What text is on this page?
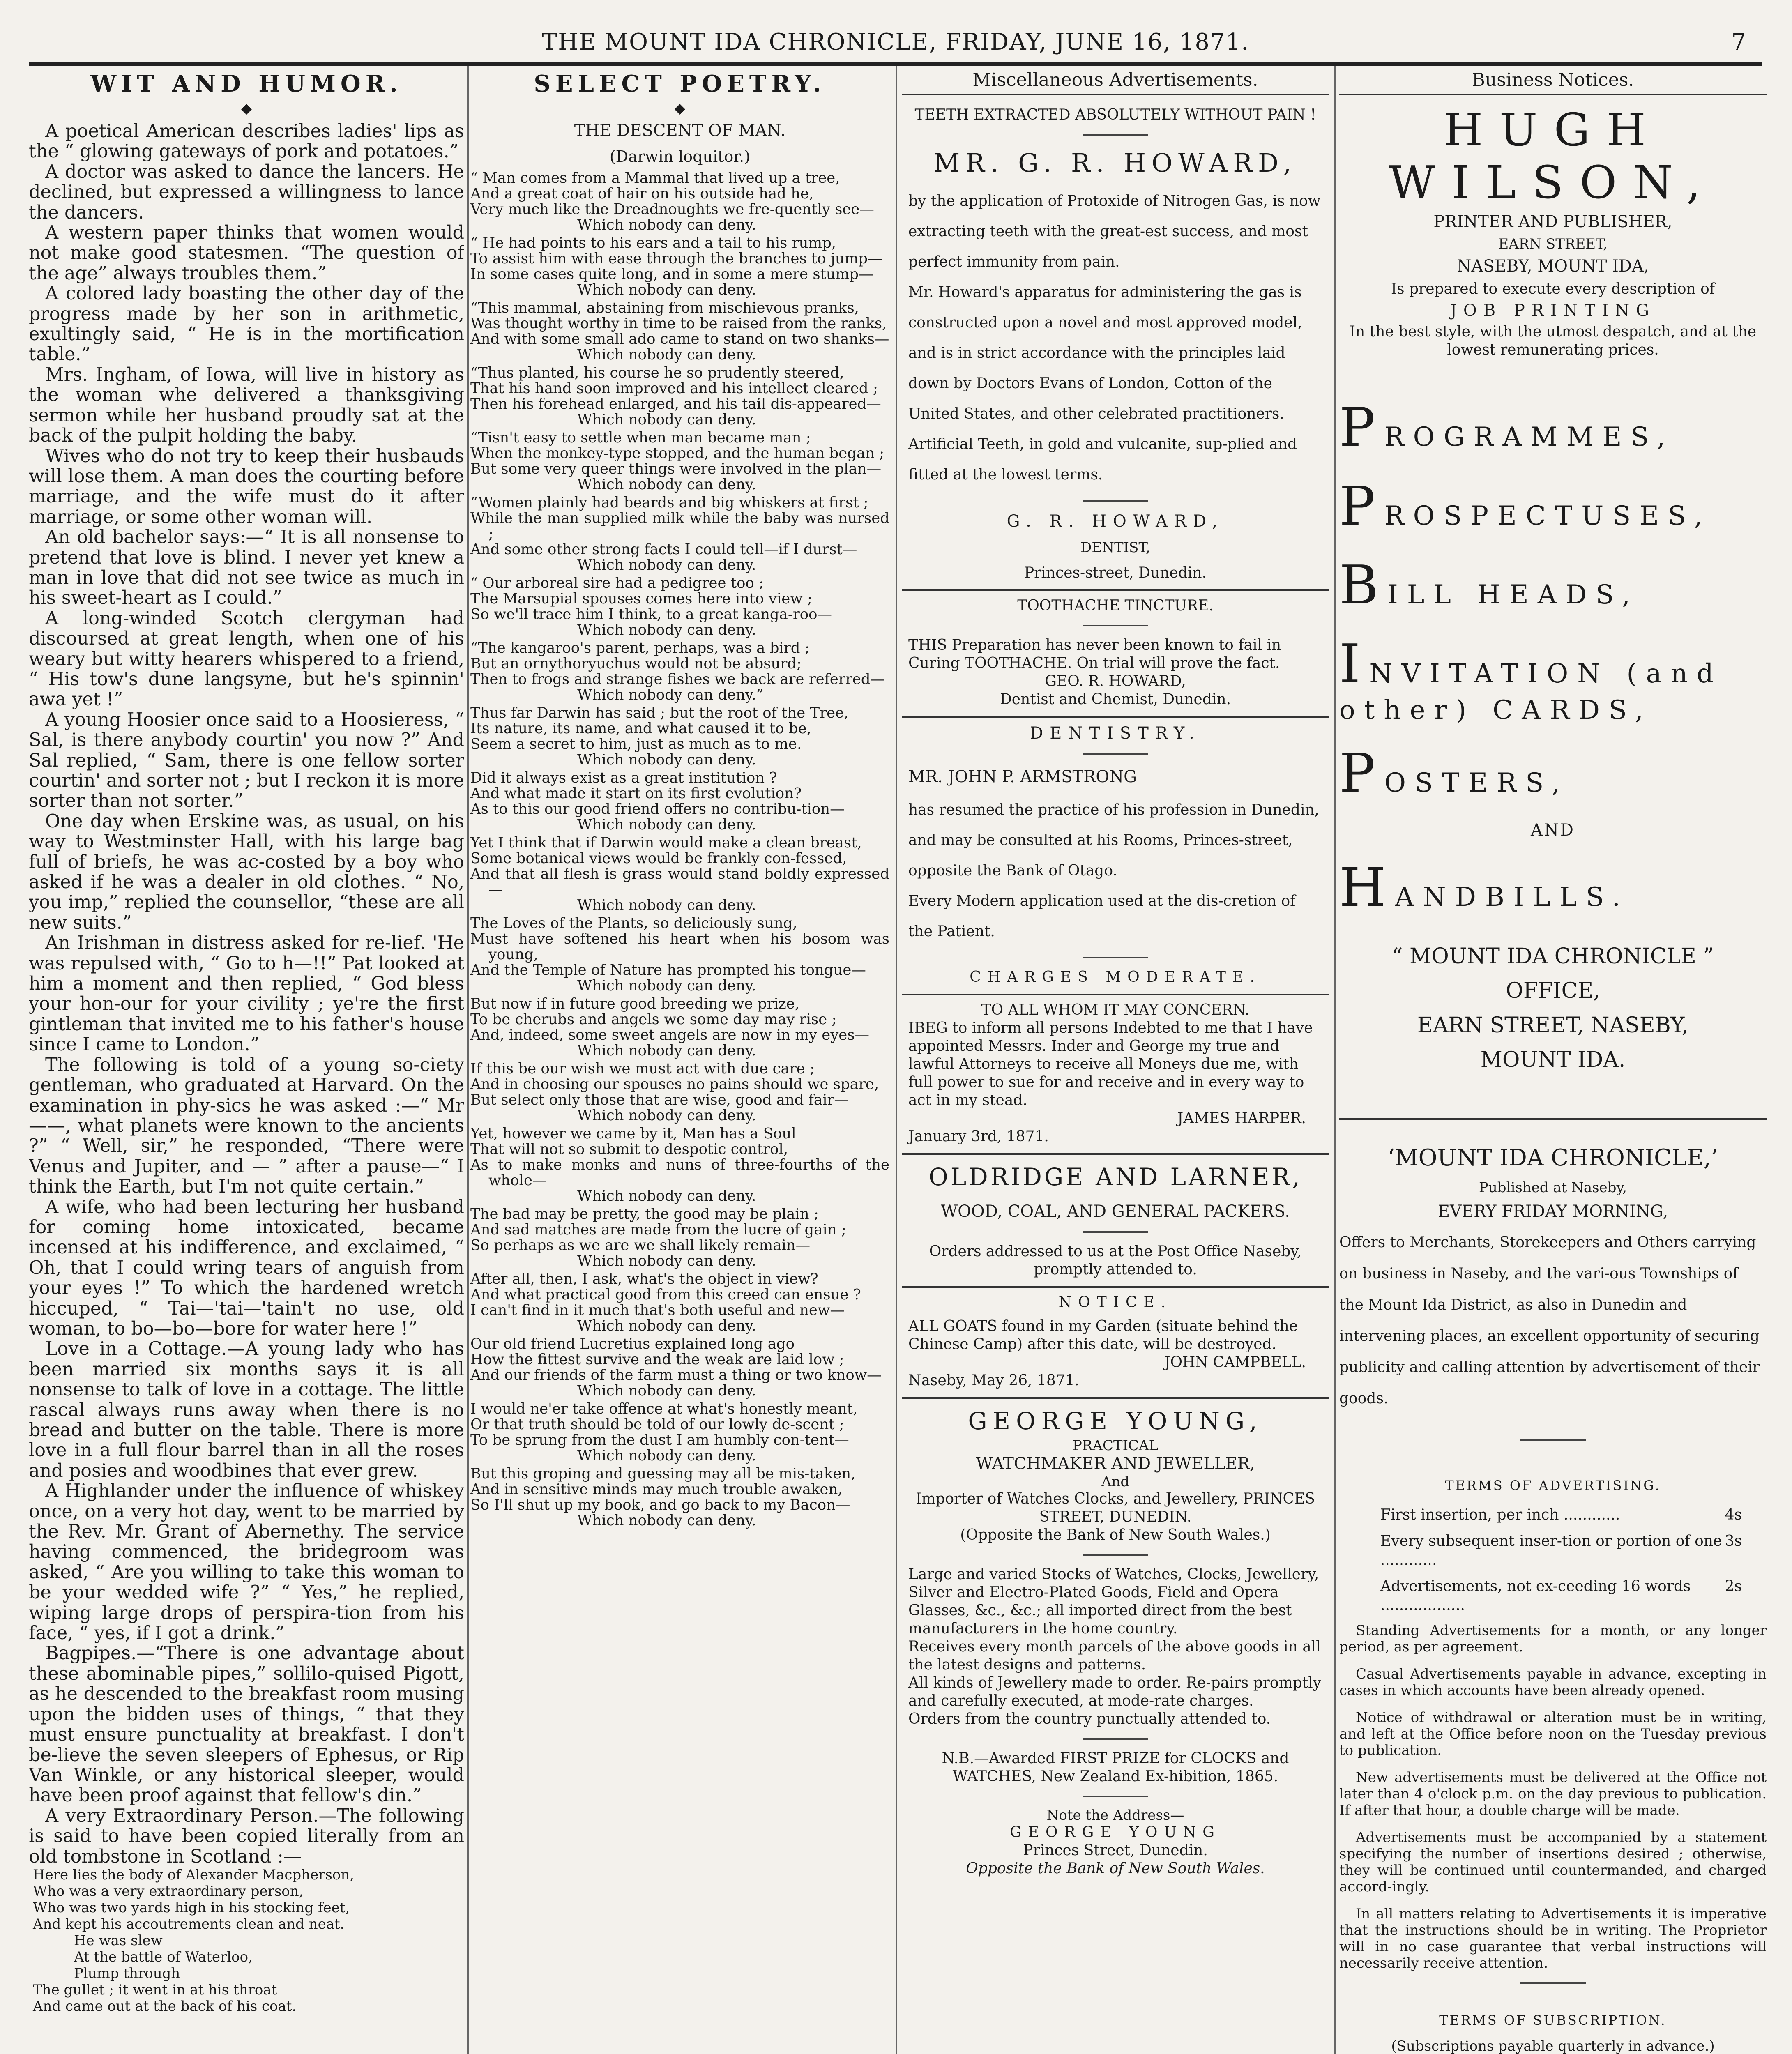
THE MOUNT IDA CHRONICLE, FRIDAY, JUNE 16, 1871.	7
WIT AND HUMOR.
◆

A poetical American describes ladies' lips as the “ glowing gateways of pork and potatoes.”

A doctor was asked to dance the lancers. He declined, but expressed a willingness to lance the dancers.

A western paper thinks that women would not make good statesmen. “The question of the age” always troubles them.”

A colored lady boasting the other day of the progress made by her son in arithmetic, exultingly said, “ He is in the mortification table.”

Mrs. Ingham, of Iowa, will live in history as the woman whe delivered a thanksgiving sermon while her husband proudly sat at the back of the pulpit holding the baby.

Wives who do not try to keep their husbauds will lose them. A man does the courting before marriage, and the wife must do it after marriage, or some other woman will.

An old bachelor says:—“ It is all nonsense to pretend that love is blind. I never yet knew a man in love that did not see twice as much in his sweet-heart as I could.”

A long-winded Scotch clergyman had discoursed at great length, when one of his weary but witty hearers whispered to a friend, “ His tow's dune langsyne, but he's spinnin' awa yet !”

A young Hoosier once said to a Hoosieress, “ Sal, is there anybody courtin' you now ?” And Sal replied, “ Sam, there is one fellow sorter courtin' and sorter not ; but I reckon it is more sorter than not sorter.”

One day when Erskine was, as usual, on his way to Westminster Hall, with his large bag full of briefs, he was ac-costed by a boy who asked if he was a dealer in old clothes. “ No, you imp,” replied the counsellor, “these are all new suits.”

An Irishman in distress asked for re-lief. 'He was repulsed with, “ Go to h—!!” Pat looked at him a moment and then replied, “ God bless your hon-our for your civility ; ye're the first gintleman that invited me to his father's house since I came to London.”

The following is told of a young so-ciety gentleman, who graduated at Harvard. On the examination in phy-sics he was asked :—“ Mr——, what planets were known to the ancients ?” “ Well, sir,” he responded, “There were Venus and Jupiter, and — ” after a pause—“ I think the Earth, but I'm not quite certain.”

A wife, who had been lecturing her husband for coming home intoxicated, became incensed at his indifference, and exclaimed, “ Oh, that I could wring tears of anguish from your eyes !” To which the hardened wretch hiccuped, “ Tai—'tai—'tain't no use, old woman, to bo—bo—bore for water here !”

Love in a Cottage.—A young lady who has been married six months says it is all nonsense to talk of love in a cottage. The little rascal always runs away when there is no bread and butter on the table. There is more love in a full flour barrel than in all the roses and posies and woodbines that ever grew.

A Highlander under the influence of whiskey once, on a very hot day, went to be married by the Rev. Mr. Grant of Abernethy. The service having commenced, the bridegroom was asked, “ Are you willing to take this woman to be your wedded wife ?” “ Yes,” he replied, wiping large drops of perspira-tion from his face, “ yes, if I got a drink.”

Bagpipes.—“There is one advantage about these abominable pipes,” sollilo-quised Pigott, as he descended to the breakfast room musing upon the bidden uses of things, “ that they must ensure punctuality at breakfast. I don't be-lieve the seven sleepers of Ephesus, or Rip Van Winkle, or any historical sleeper, would have been proof against that fellow's din.”

A very Extraordinary Person.—The following is said to have been copied literally from an old tombstone in Scotland :—

Here lies the body of Alexander Macpherson,

Who was a very extraordinary person,

Who was two yards high in his stocking feet,

And kept his accoutrements clean and neat.

He was slew

At the battle of Waterloo,

Plump through

The gullet ; it went in at his throat

And came out at the back of his coat.

SELECT POETRY.
◆
THE DESCENT OF MAN.
(Darwin loquitor.)

“ Man comes from a Mammal that lived up a tree,

And a great coat of hair on his outside had he,

Very much like the Dreadnoughts we fre-quently see—

Which nobody can deny.

“ He had points to his ears and a tail to his rump,

To assist him with ease through the branches to jump—

In some cases quite long, and in some a mere stump—

Which nobody can deny.

“This mammal, abstaining from mischievous pranks,

Was thought worthy in time to be raised from the ranks,

And with some small ado came to stand on two shanks—

Which nobody can deny.

“Thus planted, his course he so prudently steered,

That his hand soon improved and his intellect cleared ;

Then his forehead enlarged, and his tail dis-appeared—

Which nobody can deny.

“Tisn't easy to settle when man became man ;

When the monkey-type stopped, and the human began ;

But some very queer things were involved in the plan—

Which nobody can deny.

“Women plainly had beards and big whiskers at first ;

While the man supplied milk while the baby was nursed ;

And some other strong facts I could tell—if I durst—

Which nobody can deny.

“ Our arboreal sire had a pedigree too ;

The Marsupial spouses comes here into view ;

So we'll trace him I think, to a great kanga-roo—

Which nobody can deny.

“The kangaroo's parent, perhaps, was a bird ;

But an ornythoryuchus would not be absurd;

Then to frogs and strange fishes we back are referred—

Which nobody can deny.”

Thus far Darwin has said ; but the root of the Tree,

Its nature, its name, and what caused it to be,

Seem a secret to him, just as much as to me.

Which nobody can deny.

Did it always exist as a great institution ?

And what made it start on its first evolution?

As to this our good friend offers no contribu-tion—

Which nobody can deny.

Yet I think that if Darwin would make a clean breast,

Some botanical views would be frankly con-fessed,

And that all flesh is grass would stand boldly expressed—

Which nobody can deny.

The Loves of the Plants, so deliciously sung,

Must have softened his heart when his bosom was young,

And the Temple of Nature has prompted his tongue—

Which nobody can deny.

But now if in future good breeding we prize,

To be cherubs and angels we some day may rise ;

And, indeed, some sweet angels are now in my eyes—

Which nobody can deny.

If this be our wish we must act with due care ;

And in choosing our spouses no pains should we spare,

But select only those that are wise, good and fair—

Which nobody can deny.

Yet, however we came by it, Man has a Soul

That will not so submit to despotic control,

As to make monks and nuns of three-fourths of the whole—

Which nobody can deny.

The bad may be pretty, the good may be plain ;

And sad matches are made from the lucre of gain ;

So perhaps as we are we shall likely remain—

Which nobody can deny.

After all, then, I ask, what's the object in view?

And what practical good from this creed can ensue ?

I can't find in it much that's both useful and new—

Which nobody can deny.

Our old friend Lucretius explained long ago

How the fittest survive and the weak are laid low ;

And our friends of the farm must a thing or two know—

Which nobody can deny.

I would ne'er take offence at what's honestly meant,

Or that truth should be told of our lowly de-scent ;

To be sprung from the dust I am humbly con-tent—

Which nobody can deny.

But this groping and guessing may all be mis-taken,

And in sensitive minds may much trouble awaken,

So I'll shut up my book, and go back to my Bacon—

Which nobody can deny.

Miscellaneous Advertisements.

TEETH EXTRACTED ABSOLUTELY WITHOUT PAIN !

MR. G. R. HOWARD,

by the application of Protoxide of Nitrogen Gas, is now extracting teeth with the great-est success, and most perfect immunity from pain.

Mr. Howard's apparatus for administering the gas is constructed upon a novel and most approved model, and is in strict accordance with the principles laid down by Doctors Evans of London, Cotton of the United States, and other celebrated practitioners.

Artificial Teeth, in gold and vulcanite, sup-plied and fitted at the lowest terms.

G. R. HOWARD,

DENTIST,

Princes-street, Dunedin.

TOOTHACHE TINCTURE.

THIS Preparation has never been known to fail in Curing TOOTHACHE. On trial will prove the fact.

GEO. R. HOWARD,

Dentist and Chemist, Dunedin.

DENTISTRY.

MR. JOHN P. ARMSTRONG

has resumed the practice of his profession in Dunedin, and may be consulted at his Rooms, Princes-street, opposite the Bank of Otago.

Every Modern application used at the dis-cretion of the Patient.

CHARGES MODERATE.

TO ALL WHOM IT MAY CONCERN.

IBEG to inform all persons Indebted to me that I have appointed Messrs. Inder and George my true and lawful Attorneys to receive all Moneys due me, with full power to sue for and receive and in every way to act in my stead.

JAMES HARPER.

January 3rd, 1871.

OLDRIDGE AND LARNER,

WOOD, COAL, AND GENERAL PACKERS.

Orders addressed to us at the Post Office Naseby, promptly attended to.

NOTICE.

ALL GOATS found in my Garden (situate behind the Chinese Camp) after this date, will be destroyed.

JOHN CAMPBELL.

Naseby, May 26, 1871.

GEORGE YOUNG,

PRACTICAL

WATCHMAKER AND JEWELLER,

And

Importer of Watches Clocks, and Jewellery, PRINCES STREET, DUNEDIN.

(Opposite the Bank of New South Wales.)

Large and varied Stocks of Watches, Clocks, Jewellery, Silver and Electro-Plated Goods, Field and Opera Glasses, &c., &c.; all imported direct from the best manufacturers in the home country.

Receives every month parcels of the above goods in all the latest designs and patterns.

All kinds of Jewellery made to order. Re-pairs promptly and carefully executed, at mode-rate charges.

Orders from the country punctually attended to.

N.B.—Awarded FIRST PRIZE for CLOCKS and WATCHES, New Zealand Ex-hibition, 1865.

Note the Address—

GEORGE YOUNG

Princes Street, Dunedin.

Opposite the Bank of New South Wales.

Business Notices.
HUGH WILSON,

PRINTER AND PUBLISHER,

EARN STREET,

NASEBY, MOUNT IDA,

Is prepared to execute every description of

JOB PRINTING

In the best style, with the utmost despatch, and at the lowest remunerating prices.

PROGRAMMES,

PROSPECTUSES,

BILL HEADS,

INVITATION (and other) CARDS,

POSTERS,

AND

HANDBILLS.

“ MOUNT IDA CHRONICLE ”

OFFICE,

EARN STREET, NASEBY,

MOUNT IDA.

‘MOUNT IDA CHRONICLE,’

Published at Naseby,

EVERY FRIDAY MORNING,

Offers to Merchants, Storekeepers and Others carrying on business in Naseby, and the vari-ous Townships of the Mount Ida District, as also in Dunedin and intervening places, an excellent opportunity of securing publicity and calling attention by advertisement of their goods.

TERMS OF ADVERTISING.
First insertion, per inch ............	4s
Every subsequent inser-tion or portion of one ............
3s
Advertisements, not ex-ceeding 16 words ..................
2s

Standing Advertisements for a month, or any longer period, as per agreement.

Casual Advertisements payable in advance, excepting in cases in which accounts have been already opened.

Notice of withdrawal or alteration must be in writing, and left at the Office before noon on the Tuesday previous to publication.

New advertisements must be delivered at the Office not later than 4 o'clock p.m. on the day previous to publication. If after that hour, a double charge will be made.

Advertisements must be accompanied by a statement specifying the number of insertions desired ; otherwise, they will be continued until countermanded, and charged accord-ingly.

In all matters relating to Advertisements it is imperative that the instructions should be in writing. The Proprietor will in no case guarantee that verbal instructions will necessarily receive attention.

TERMS OF SUBSCRIPTION.

(Subscriptions payable quarterly in advance.)
